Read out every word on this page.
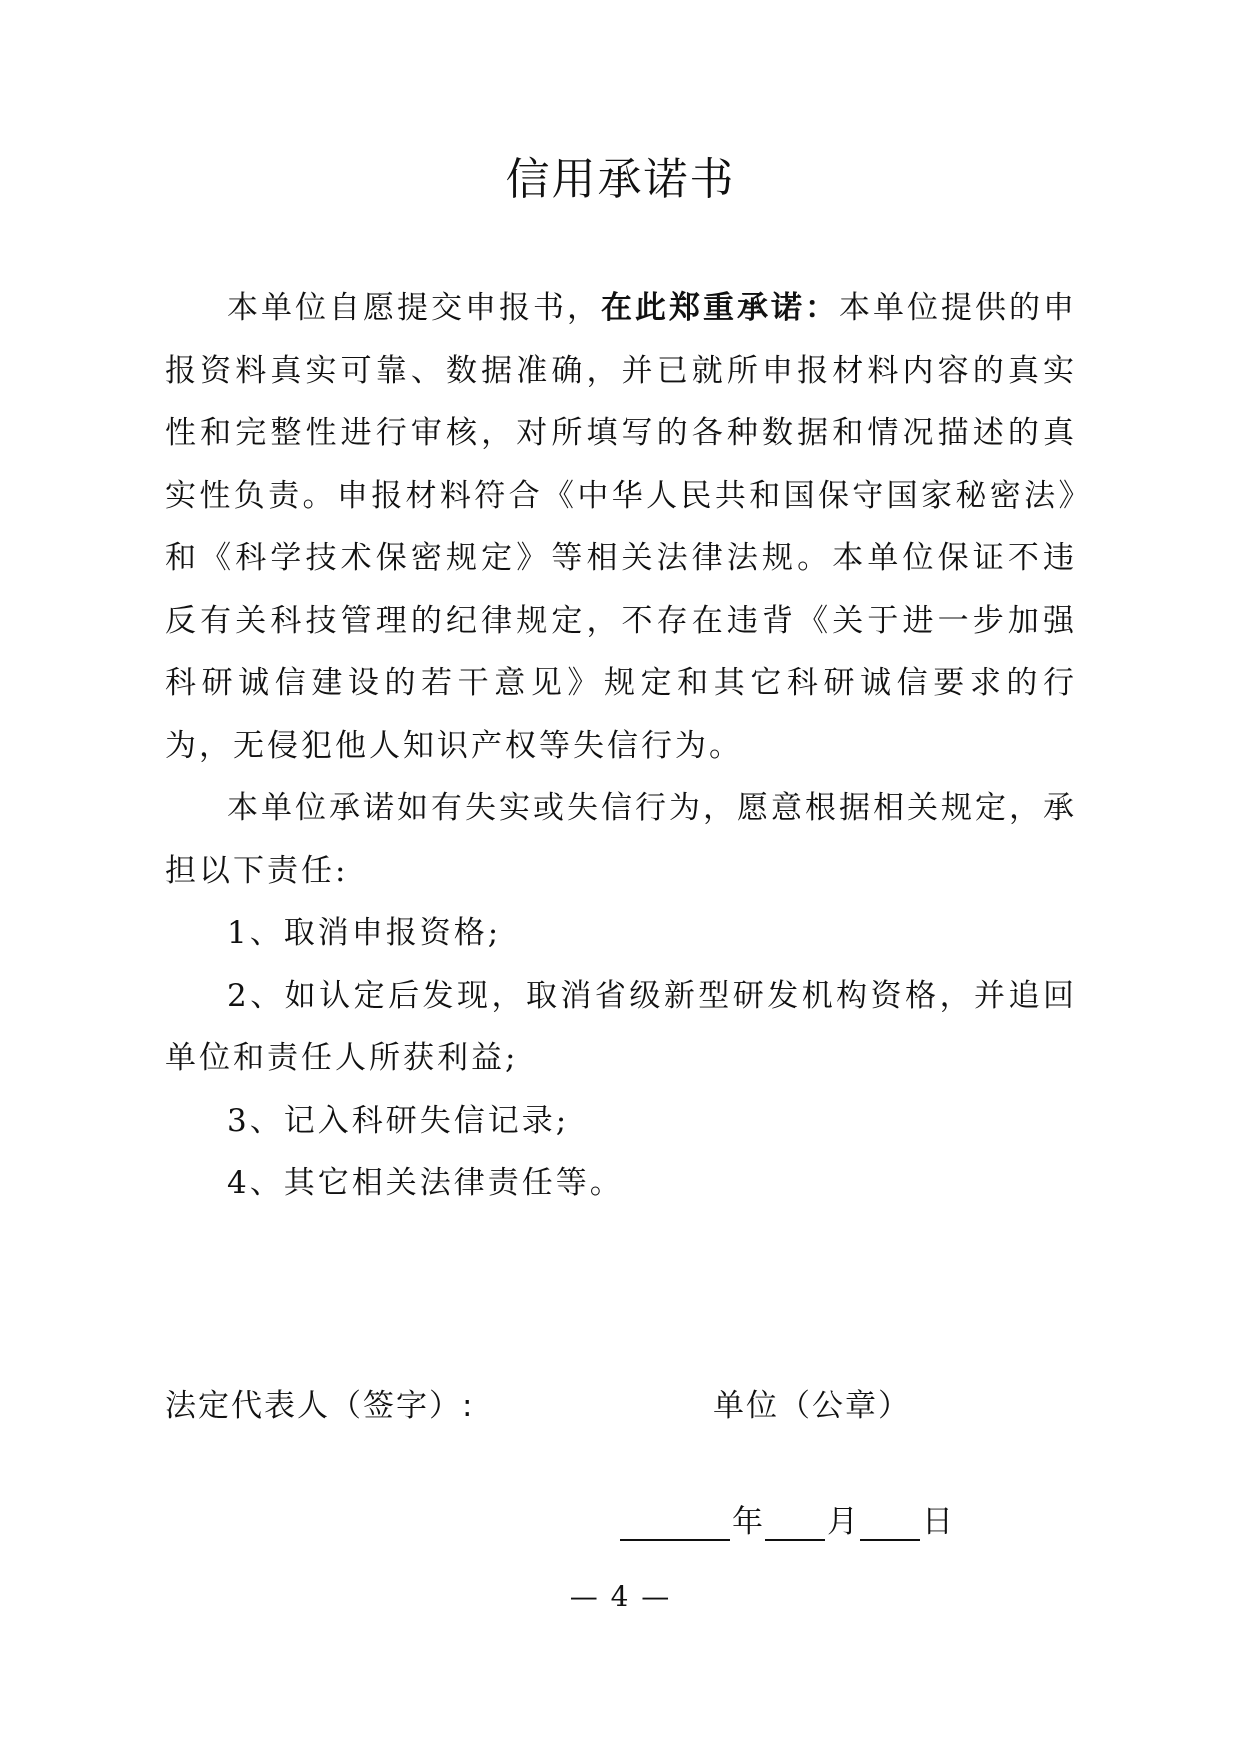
信用承诺书

本单位自愿提交申报书，在此郑重承诺：本单位提供的申报资料真实可靠、数据准确，并已就所申报材料内容的真实性和完整性进行审核，对所填写的各种数据和情况描述的真实性负责。申报材料符合《中华人民共和国保守国家秘密法》和《科学技术保密规定》等相关法律法规。本单位保证不违反有关科技管理的纪律规定，不存在违背《关于进一步加强科研诚信建设的若干意见》规定和其它科研诚信要求的行为，无侵犯他人知识产权等失信行为。

本单位承诺如有失实或失信行为，愿意根据相关规定，承担以下责任:

1、取消申报资格;

2、如认定后发现，取消省级新型研发机构资格，并追回单位和责任人所获利益;

3、记入科研失信记录;

4、其它相关法律责任等。

法定代表人（签字）:	单位（公章）
年 月 日
— 4 —
